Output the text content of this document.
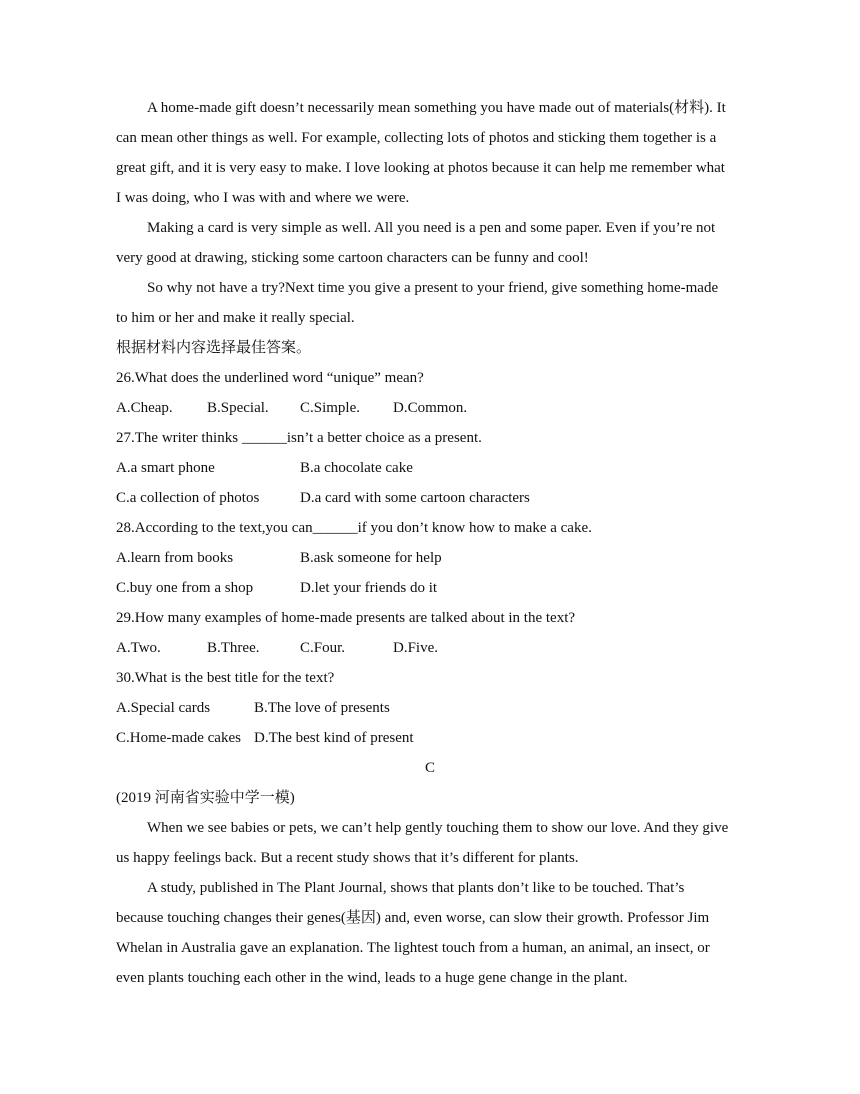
A home-made gift doesn’t necessarily mean something you have made out of materials(材料). It
can mean other things as well. For example, collecting lots of photos and sticking them together is a
great gift, and it is very easy to make. I love looking at photos because it can help me remember what
I was doing, who I was with and where we were.
Making a card is very simple as well. All you need is a pen and some paper. Even if you’re not
very good at drawing, sticking some cartoon characters can be funny and cool!
So why not have a try?Next time you give a present to your friend, give something home-made
to him or her and make it really special.
根据材料内容选择最佳答案。
26.What does the underlined word “unique” mean?
A.Cheap. B.Special. C.Simple. D.Common.
27.The writer thinks ______isn’t a better choice as a present.
A.a smart phone	B.a chocolate cake
C.a collection of photos	D.a card with some cartoon characters
28.According to the text,you can______if you don’t know how to make a cake.
A.learn from books	B.ask someone for help
C.buy one from a shop	D.let your friends do it
29.How many examples of home-made presents are talked about in the text?
A.Two.	B.Three.	C.Four.	D.Five.
30.What is the best title for the text?
A.Special cards	B.The love of presents
C.Home-made cakes D.The best kind of present
C
(2019 河南省实验中学一模)
When we see babies or pets, we can’t help gently touching them to show our love. And they give
us happy feelings back. But a recent study shows that it’s different for plants.
A study, published in The Plant Journal, shows that plants don’t like to be touched. That’s
because touching changes their genes(基因) and, even worse, can slow their growth. Professor Jim
Whelan in Australia gave an explanation. The lightest touch from a human, an animal, an insect, or
even plants touching each other in the wind, leads to a huge gene change in the plant.
